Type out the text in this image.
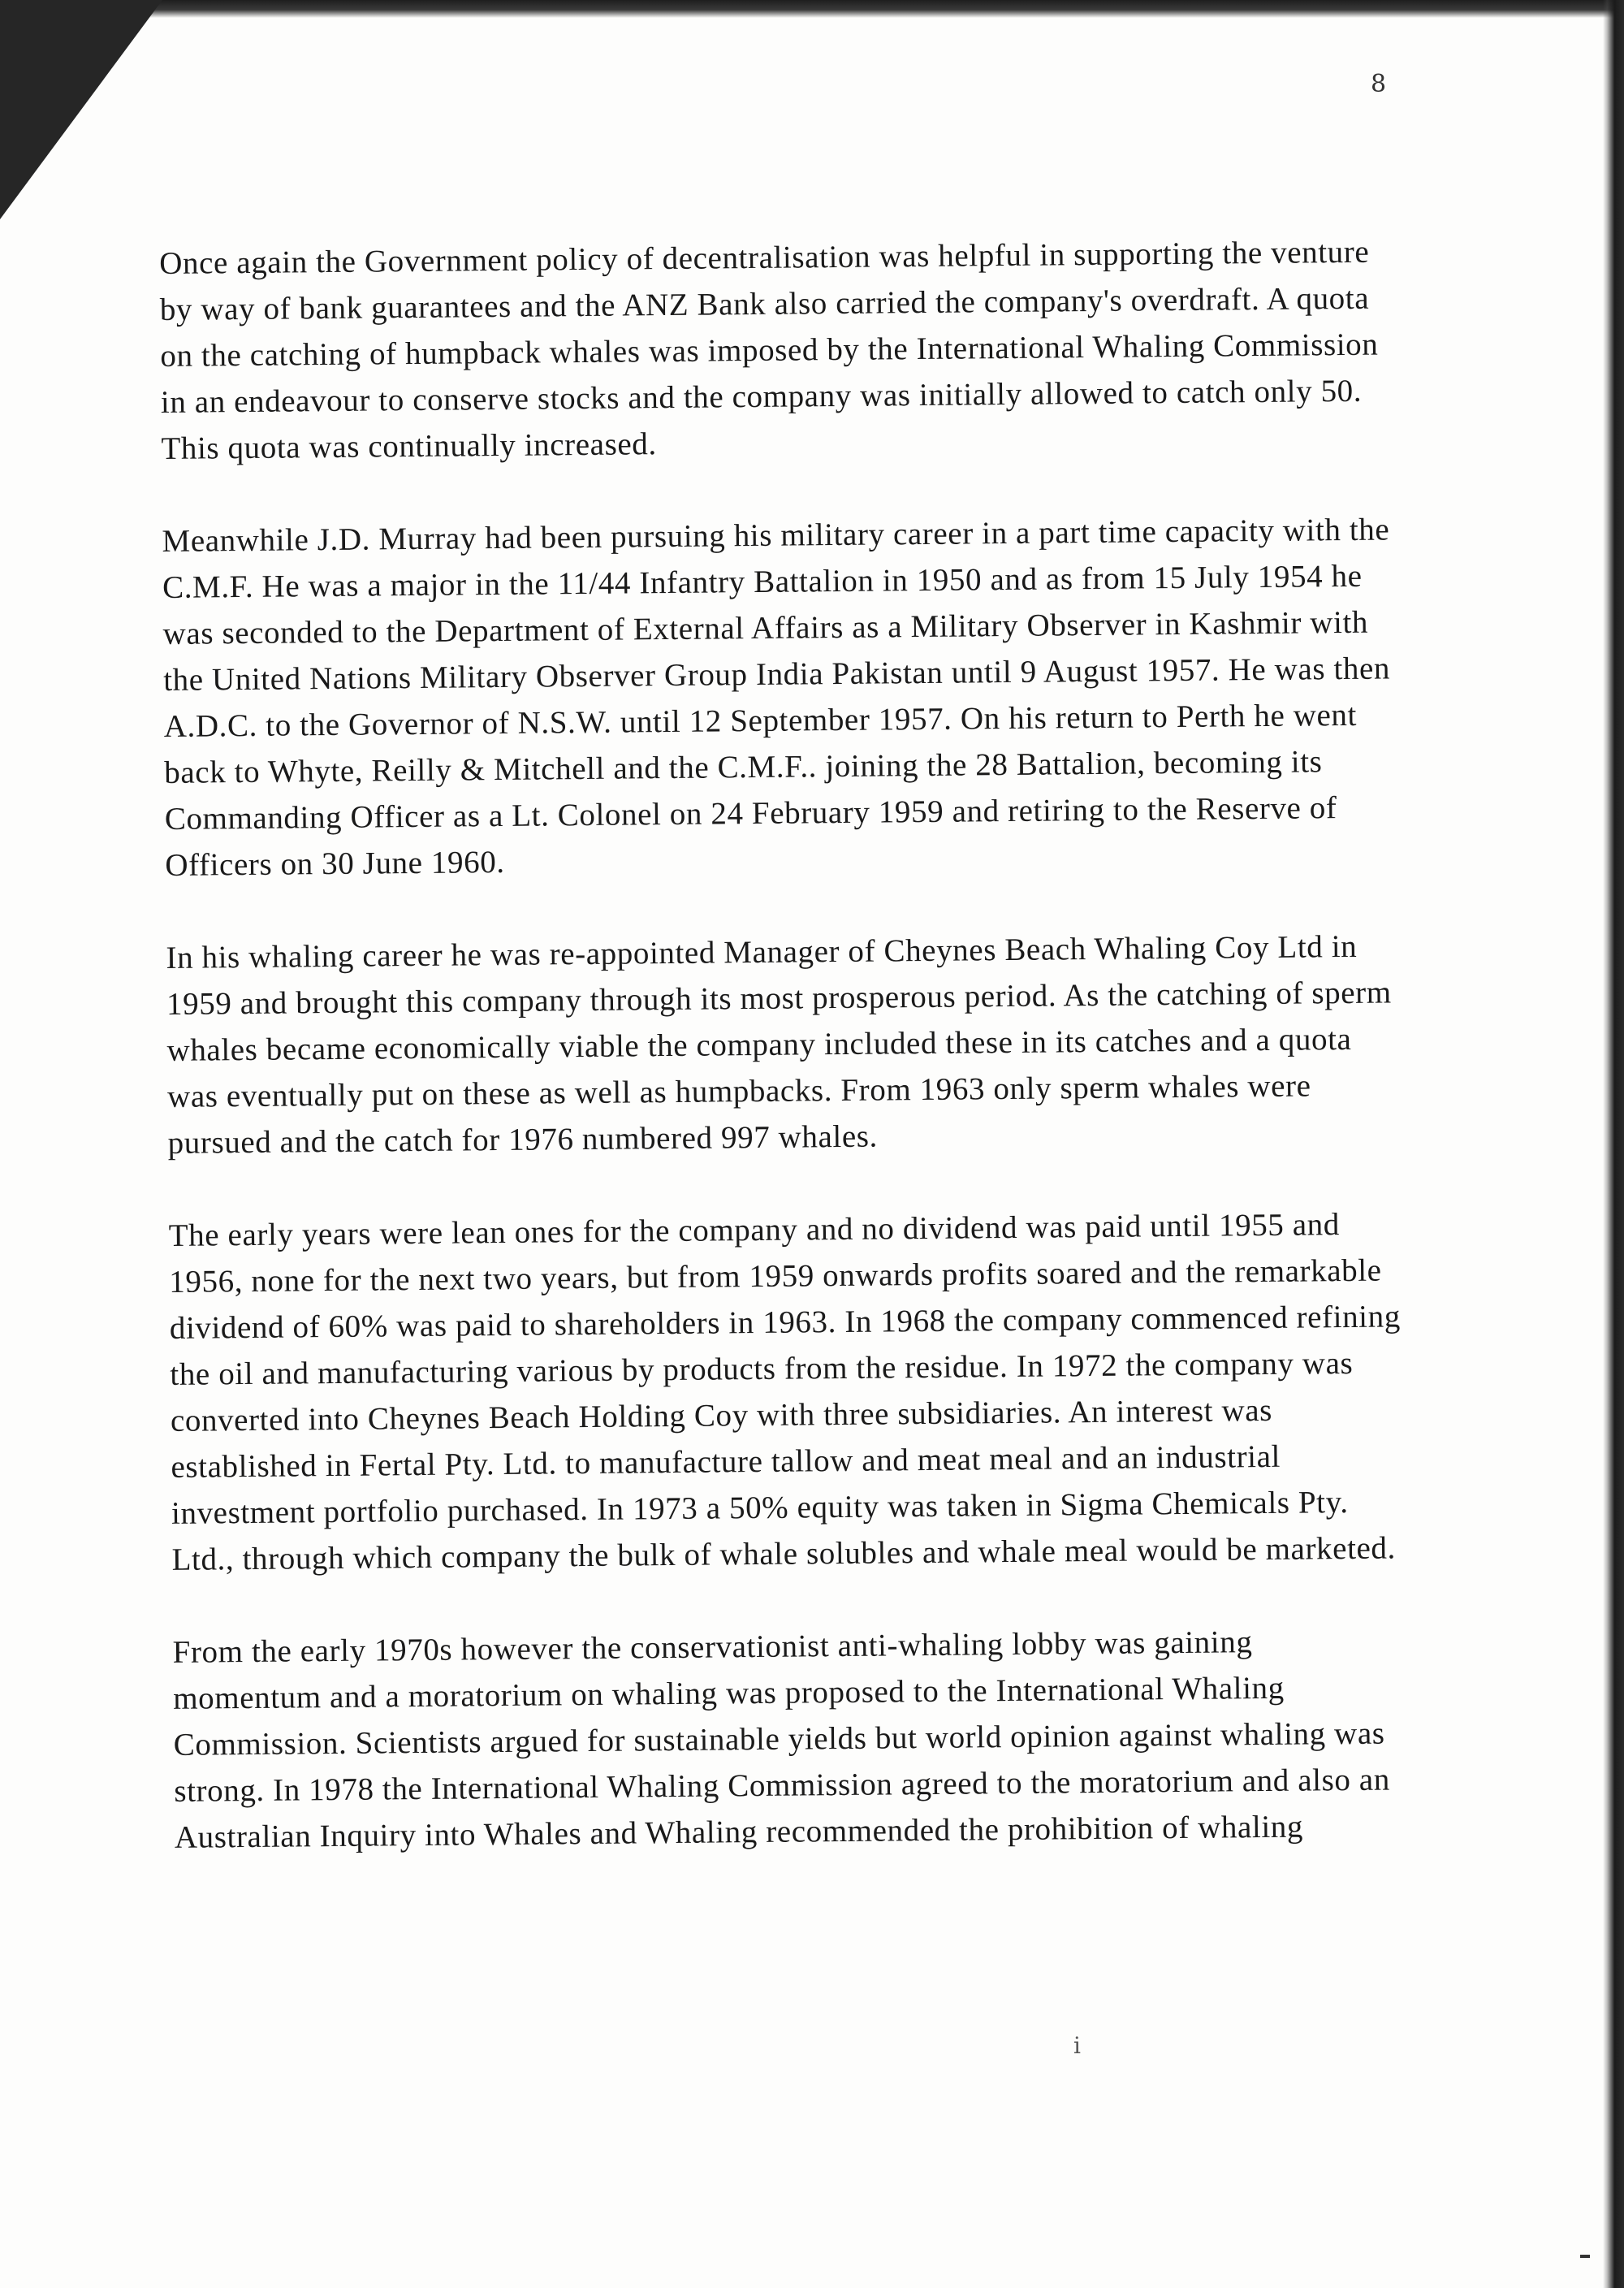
8

Once again the Government policy of decentralisation was helpful in supporting the venture by way of bank guarantees and the ANZ Bank also carried the company's overdraft. A quota on the catching of humpback whales was imposed by the International Whaling Commission in an endeavour to conserve stocks and the company was initially allowed to catch only 50. This quota was continually increased.

Meanwhile J.D. Murray had been pursuing his military career in a part time capacity with the C.M.F. He was a major in the 11/44 Infantry Battalion in 1950 and as from 15 July 1954 he was seconded to the Department of External Affairs as a Military Observer in Kashmir with the United Nations Military Observer Group India Pakistan until 9 August 1957. He was then A.D.C. to the Governor of N.S.W. until 12 September 1957. On his return to Perth he went back to Whyte, Reilly & Mitchell and the C.M.F.. joining the 28 Battalion, becoming its Commanding Officer as a Lt. Colonel on 24 February 1959 and retiring to the Reserve of Officers on 30 June 1960.

In his whaling career he was re-appointed Manager of Cheynes Beach Whaling Coy Ltd in 1959 and brought this company through its most prosperous period. As the catching of sperm whales became economically viable the company included these in its catches and a quota was eventually put on these as well as humpbacks. From 1963 only sperm whales were pursued and the catch for 1976 numbered 997 whales.

The early years were lean ones for the company and no dividend was paid until 1955 and 1956, none for the next two years, but from 1959 onwards profits soared and the remarkable dividend of 60% was paid to shareholders in 1963. In 1968 the company commenced refining the oil and manufacturing various by products from the residue. In 1972 the company was converted into Cheynes Beach Holding Coy with three subsidiaries. An interest was established in Fertal Pty. Ltd. to manufacture tallow and meat meal and an industrial investment portfolio purchased. In 1973 a 50% equity was taken in Sigma Chemicals Pty. Ltd., through which company the bulk of whale solubles and whale meal would be marketed.

From the early 1970s however the conservationist anti-whaling lobby was gaining momentum and a moratorium on whaling was proposed to the International Whaling Commission. Scientists argued for sustainable yields but world opinion against whaling was strong. In 1978 the International Whaling Commission agreed to the moratorium and also an Australian Inquiry into Whales and Whaling recommended the prohibition of whaling

i
